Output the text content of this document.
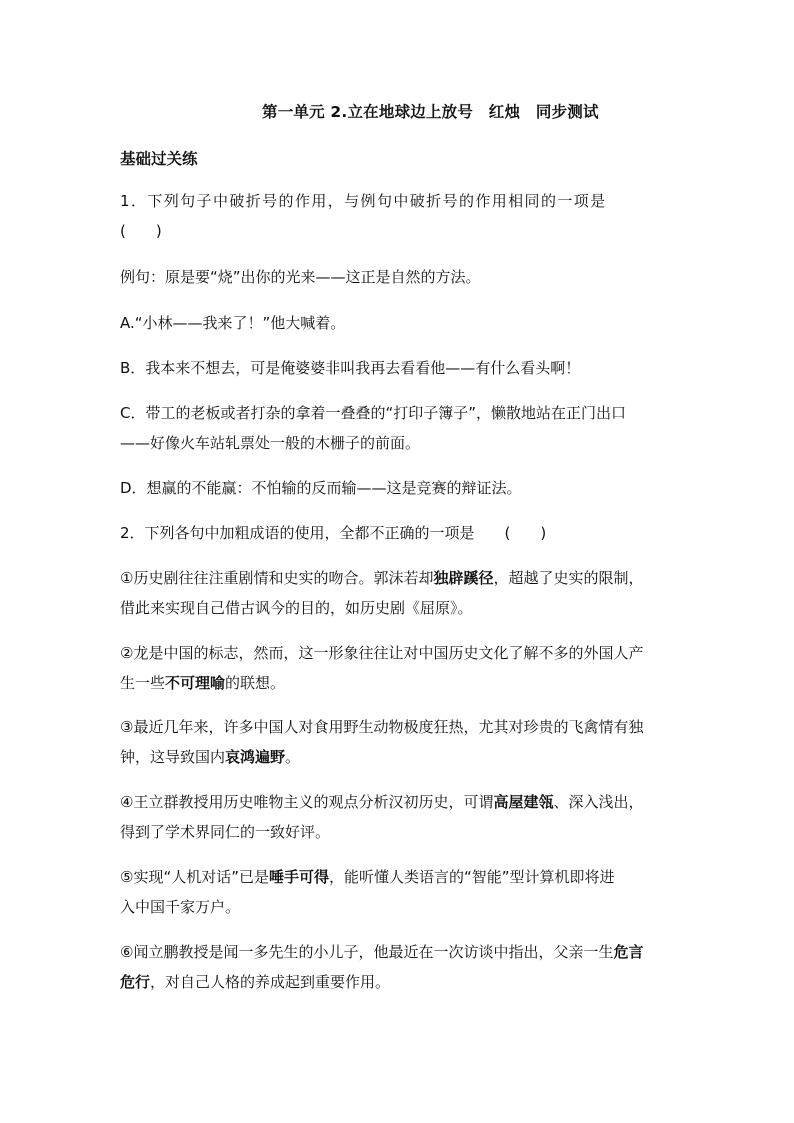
第一单元 2.立在地球边上放号　红烛　同步测试
基础过关练
1．下列句子中破折号的作用，与例句中破折号的作用相同的一项是
(　　)
例句：原是要“烧”出你的光来——这正是自然的方法。
A.“小林——我来了！”他大喊着。
B．我本来不想去，可是俺婆婆非叫我再去看看他——有什么看头啊！
C．带工的老板或者打杂的拿着一叠叠的“打印子簿子”，懒散地站在正门出口
——好像火车站轧票处一般的木栅子的前面。
D．想赢的不能赢：不怕输的反而输——这是竞赛的辩证法。
2．下列各句中加粗成语的使用，全都不正确的一项是　　(　　)
①历史剧往往注重剧情和史实的吻合。郭沫若却独辟蹊径，超越了史实的限制，
借此来实现自己借古讽今的目的，如历史剧《屈原》。
②龙是中国的标志，然而，这一形象往往让对中国历史文化了解不多的外国人产
生一些不可理喻的联想。
③最近几年来，许多中国人对食用野生动物极度狂热，尤其对珍贵的飞禽情有独
钟，这导致国内哀鸿遍野。
④王立群教授用历史唯物主义的观点分析汉初历史，可谓高屋建瓴、深入浅出，
得到了学术界同仁的一致好评。
⑤实现“人机对话”已是唾手可得，能听懂人类语言的“智能”型计算机即将进
入中国千家万户。
⑥闻立鹏教授是闻一多先生的小儿子，他最近在一次访谈中指出，父亲一生危言
危行，对自己人格的养成起到重要作用。
